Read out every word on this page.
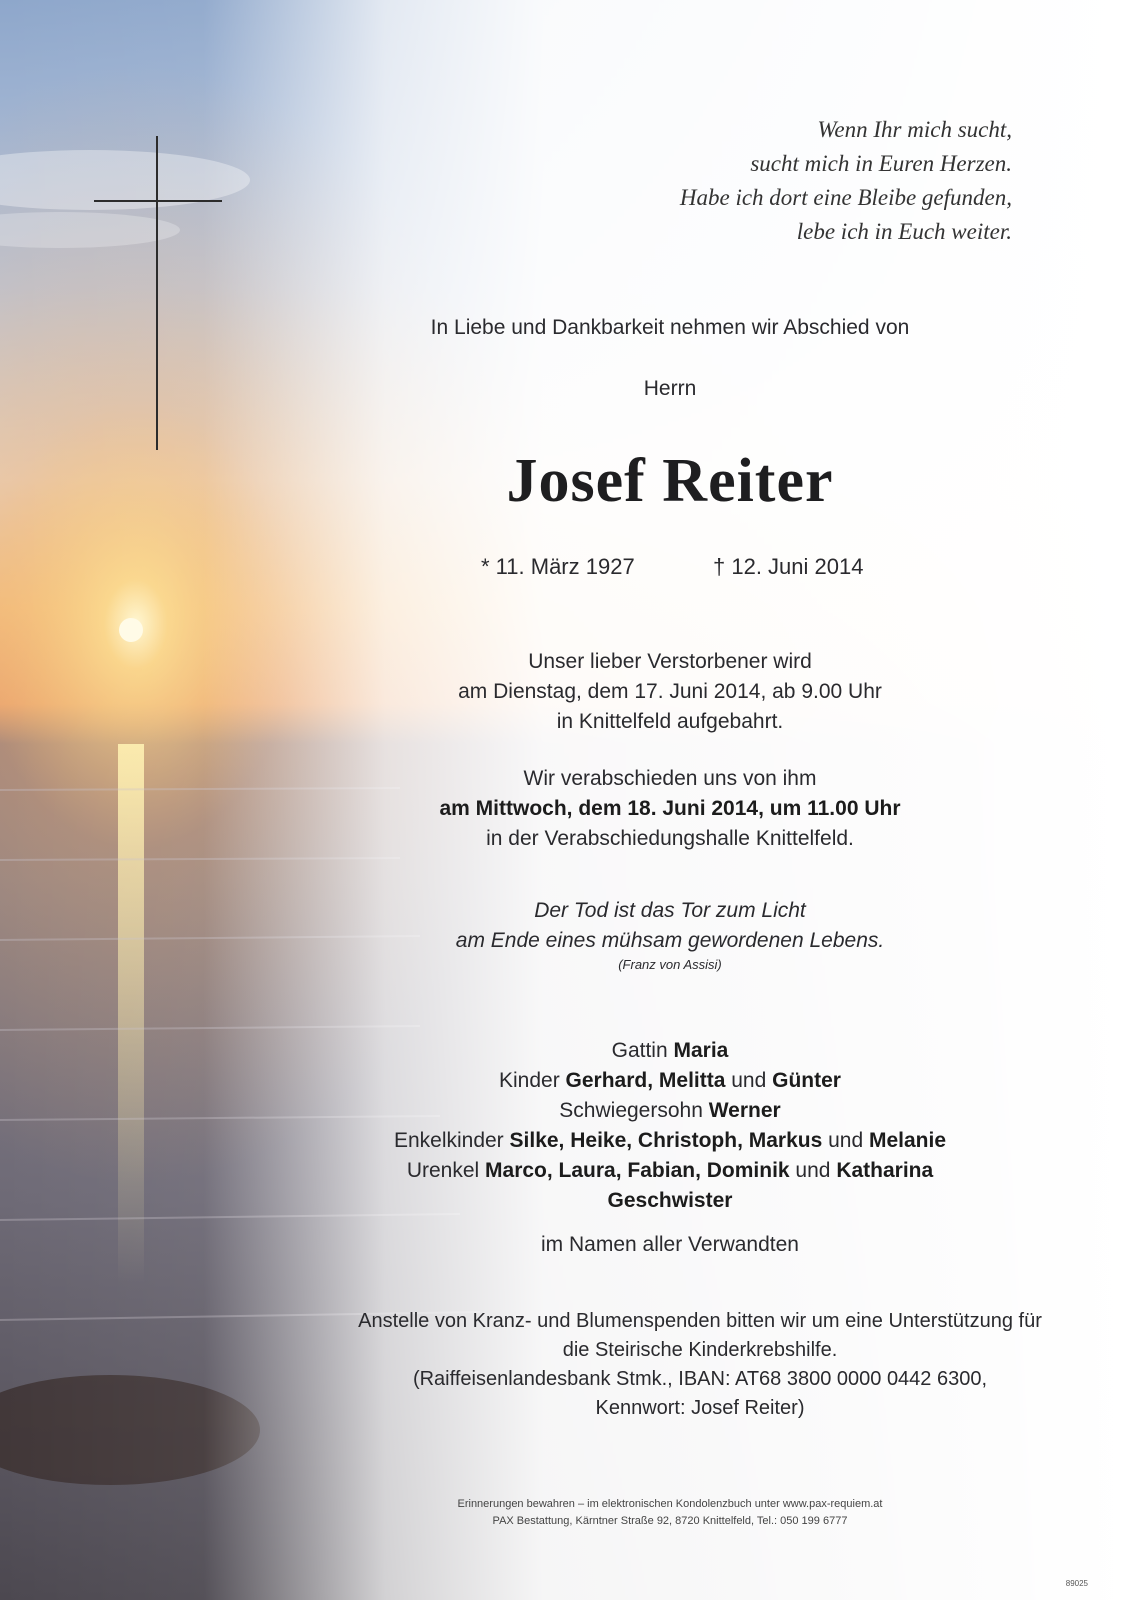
Wenn Ihr mich sucht,
sucht mich in Euren Herzen.
Habe ich dort eine Bleibe gefunden,
lebe ich in Euch weiter.
In Liebe und Dankbarkeit nehmen wir Abschied von
Herrn
Josef Reiter
* 11. März 1927	† 12. Juni 2014
Unser lieber Verstorbener wird
am Dienstag, dem 17. Juni 2014, ab 9.00 Uhr
in Knittelfeld aufgebahrt.
Wir verabschieden uns von ihm
am Mittwoch, dem 18. Juni 2014, um 11.00 Uhr
in der Verabschiedungshalle Knittelfeld.
Der Tod ist das Tor zum Licht
am Ende eines mühsam gewordenen Lebens.
(Franz von Assisi)
Gattin Maria
Kinder Gerhard, Melitta und Günter
Schwiegersohn Werner
Enkelkinder Silke, Heike, Christoph, Markus und Melanie
Urenkel Marco, Laura, Fabian, Dominik und Katharina
Geschwister
im Namen aller Verwandten
Anstelle von Kranz- und Blumenspenden bitten wir um eine Unterstützung für
die Steirische Kinderkrebshilfe.
(Raiffeisenlandesbank Stmk., IBAN: AT68 3800 0000 0442 6300,
Kennwort: Josef Reiter)
Erinnerungen bewahren – im elektronischen Kondolenzbuch unter www.pax-requiem.at
PAX Bestattung, Kärntner Straße 92, 8720 Knittelfeld, Tel.: 050 199 6777
89025
